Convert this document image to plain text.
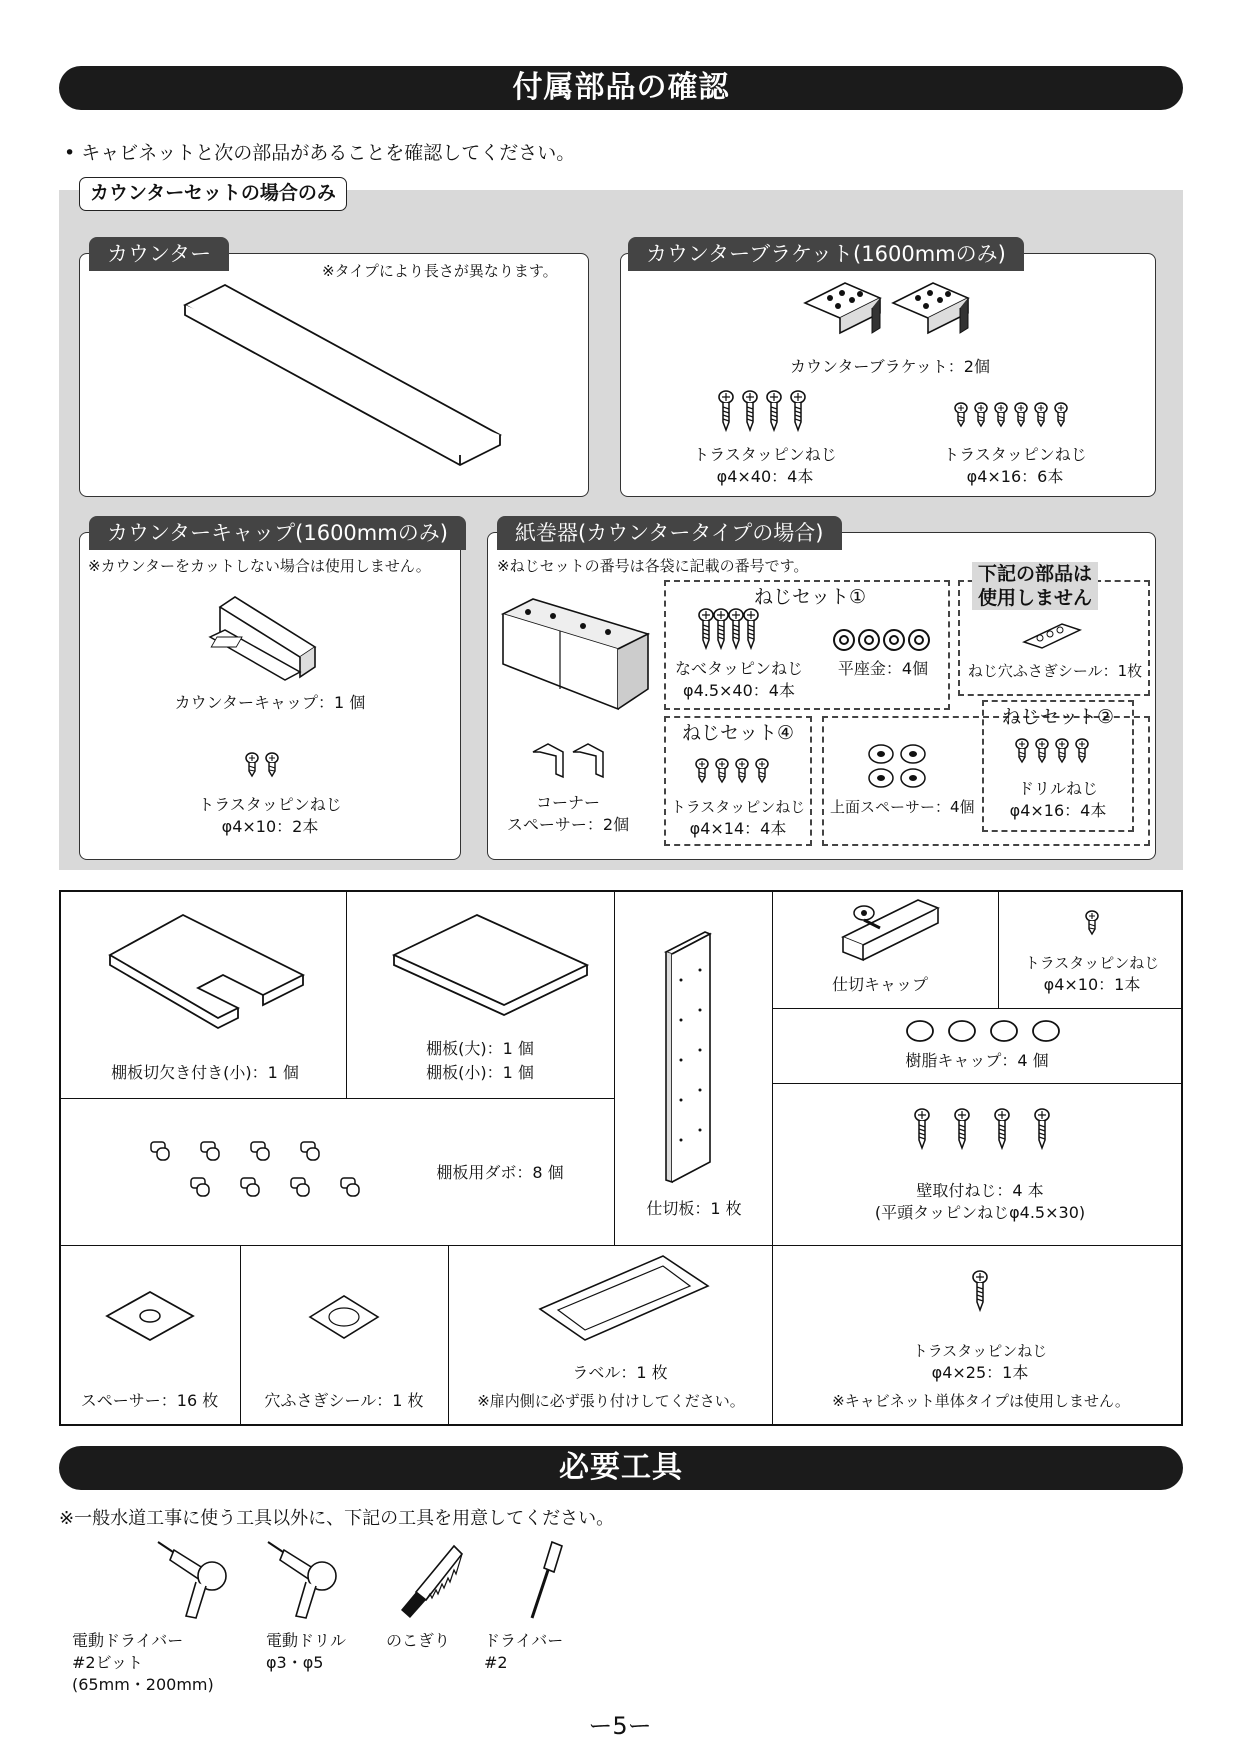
付属部品の確認
• キャビネットと次の部品があることを確認してください。
カウンターセットの場合のみ
カウンター
※タイプにより長さが異なります。
カウンターブラケット(1600mmのみ)
カウンターブラケット：2個
トラスタッピンねじ
φ4×40：4本
トラスタッピンねじ
φ4×16：6本
カウンターキャップ(1600mmのみ)
※カウンターをカットしない場合は使用しません。
カウンターキャップ：1 個
トラスタッピンねじ
φ4×10：2本
紙巻器(カウンタータイプの場合)
※ねじセットの番号は各袋に記載の番号です。
コーナー
スペーサー：2個
ねじセット①
なべタッピンねじ
φ4.5×40：4本
平座金：4個
下記の部品は
使用しません
ねじ穴ふさぎシール：1枚
ねじセット④
トラスタッピンねじ
φ4×14：4本
上面スペーサー：4個
ねじセット②
ドリルねじ
φ4×16：4本
棚板切欠き付き(小)：1 個
棚板(大)：1 個
棚板(小)：1 個
仕切板：1 枚
仕切キャップ
トラスタッピンねじ
φ4×10：1本
樹脂キャップ：4 個
棚板用ダボ：8 個
壁取付ねじ：4 本
(平頭タッピンねじφ4.5×30)
スペーサー：16 枚	穴ふさぎシール：1 枚
ラベル：1 枚
※扉内側に必ず張り付けしてください。
トラスタッピンねじ
φ4×25：1本
※キャビネット単体タイプは使用しません。
必要工具
※一般水道工事に使う工具以外に、下記の工具を用意してください。
電動ドライバー
#2ビット
(65mm・200mm)
電動ドリル
φ3・φ5
のこぎり ドライバー
#2
ー5ー
